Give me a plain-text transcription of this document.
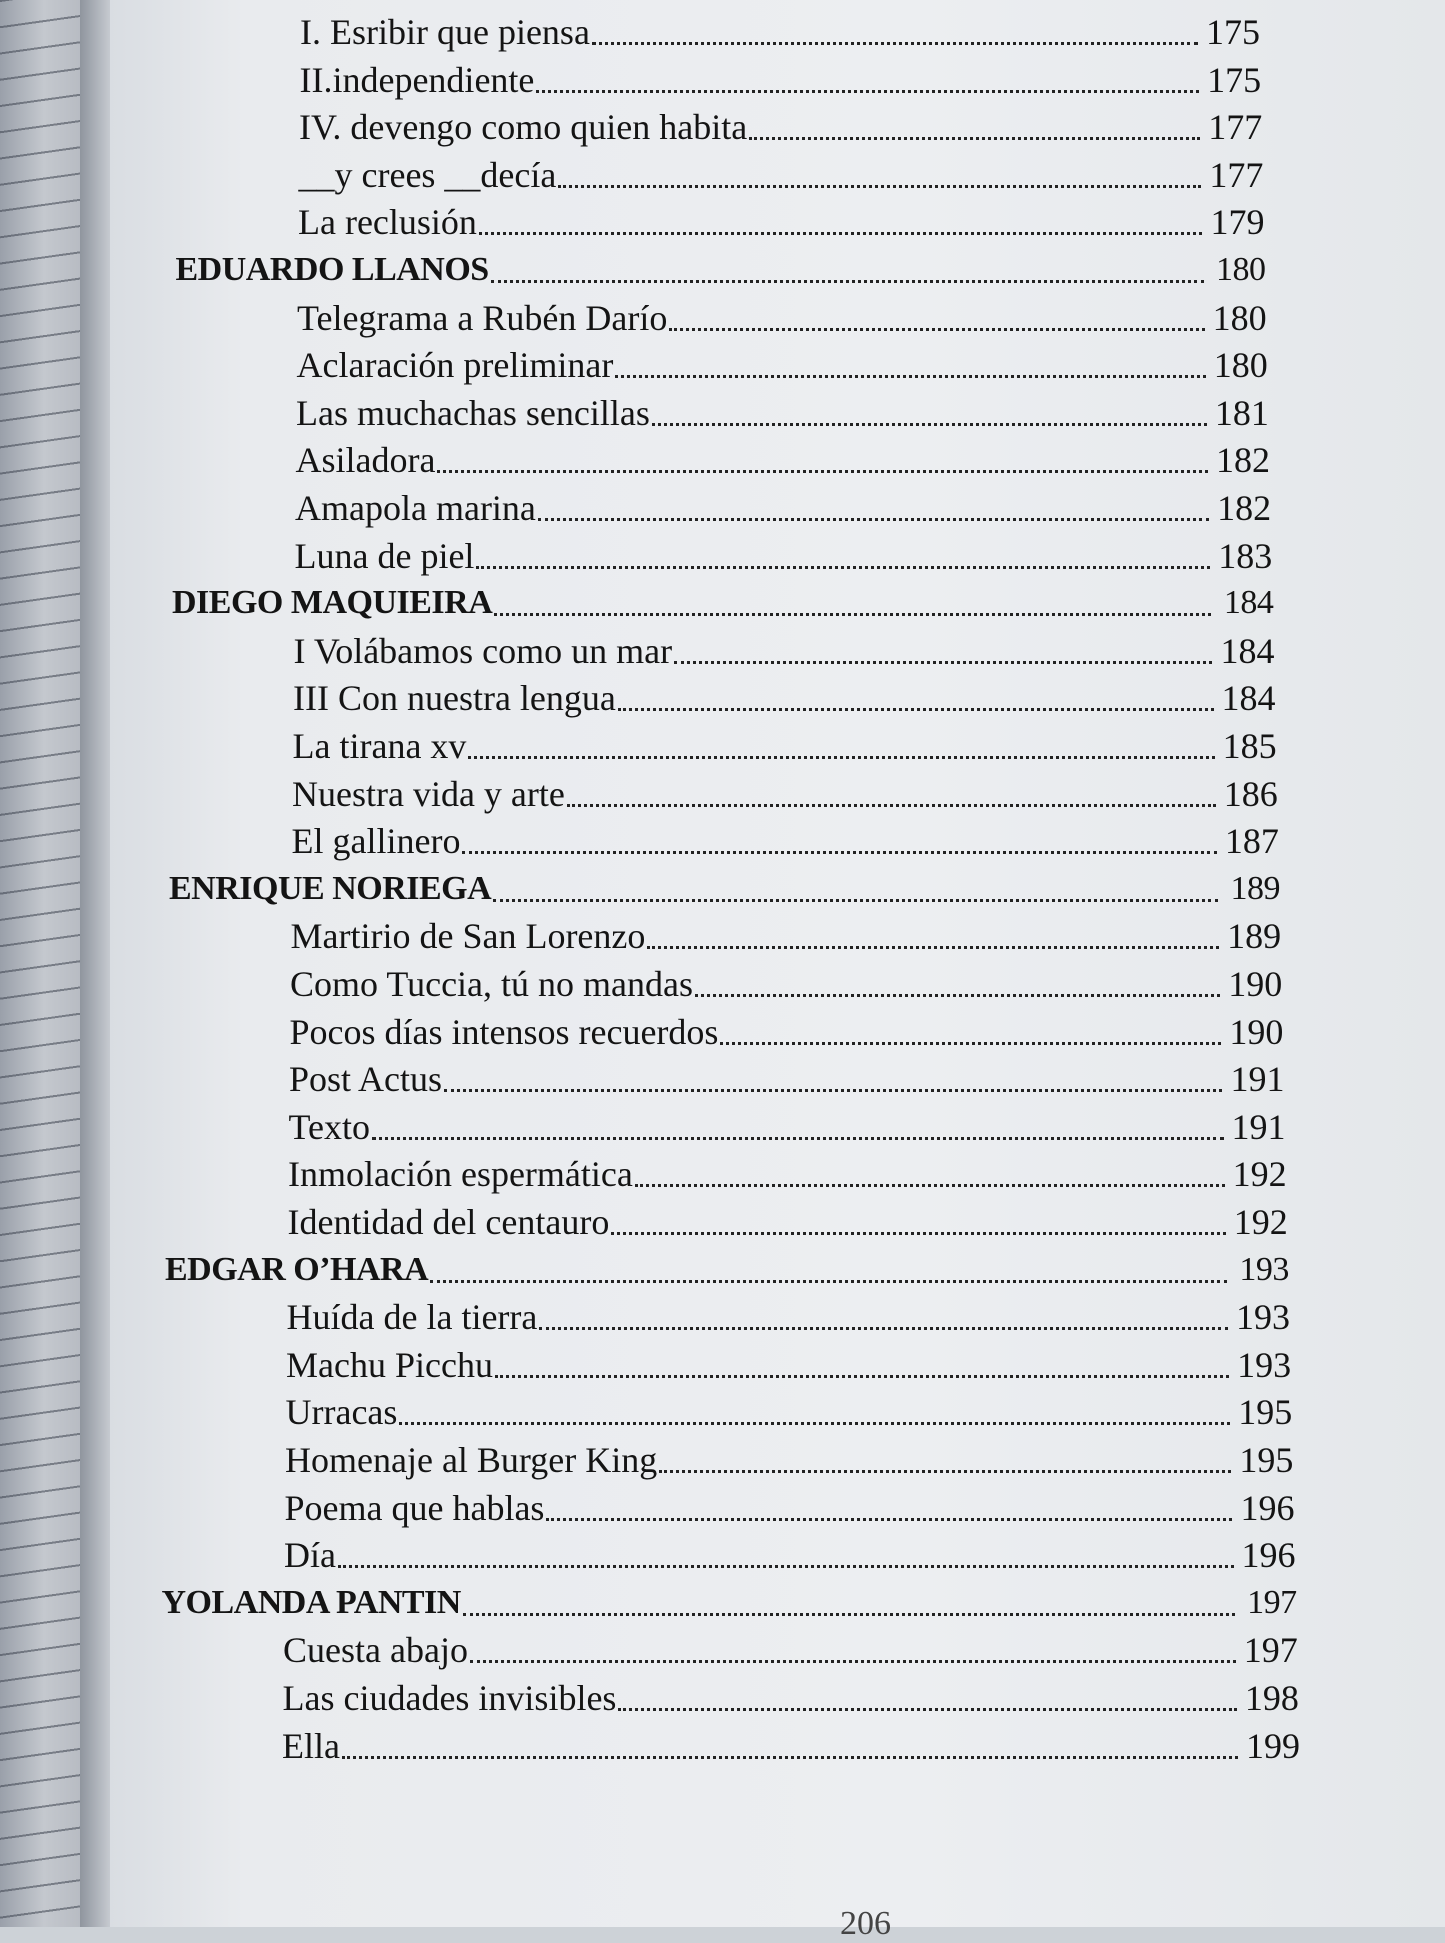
I. Esribir que piensa	175
II.independiente	175
IV. devengo como quien habita	177
__y crees __decía	177
La reclusión	179
EDUARDO LLANOS	180
Telegrama a Rubén Darío	180
Aclaración preliminar	180
Las muchachas sencillas	181
Asiladora	182
Amapola marina	182
Luna de piel	183
DIEGO MAQUIEIRA	184
I Volábamos como un mar	184
III Con nuestra lengua	184
La tirana xv	185
Nuestra vida y arte	186
El gallinero	187
ENRIQUE NORIEGA	189
Martirio de San Lorenzo	189
Como Tuccia, tú no mandas	190
Pocos días intensos recuerdos	190
Post Actus	191
Texto	191
Inmolación espermática	192
Identidad del centauro	192
EDGAR O’HARA	193
Huída de la tierra	193
Machu Picchu	193
Urracas	195
Homenaje al Burger King	195
Poema que hablas	196
Día	196
YOLANDA PANTIN	197
Cuesta abajo	197
Las ciudades invisibles	198
Ella	199
206
